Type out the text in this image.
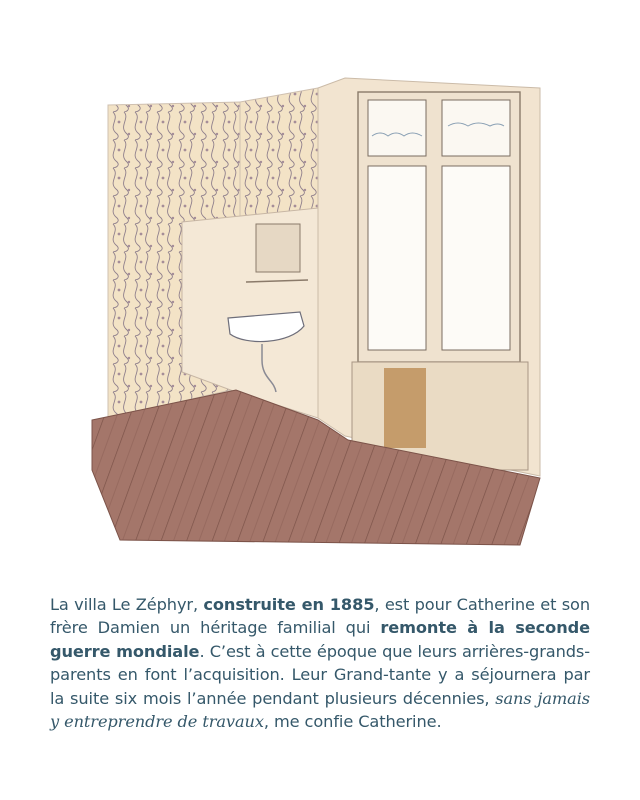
La villa Le Zéphyr, construite en 1885, est pour Catherine et son frère Damien un héritage familial qui remonte à la seconde guerre mondiale. C’est à cette époque que leurs arrières-grands-parents en font l’acquisition. Leur Grand-tante y a séjournera par la suite six mois l’année pendant plusieurs décennies, sans jamais y entreprendre de travaux, me confie Catherine.
